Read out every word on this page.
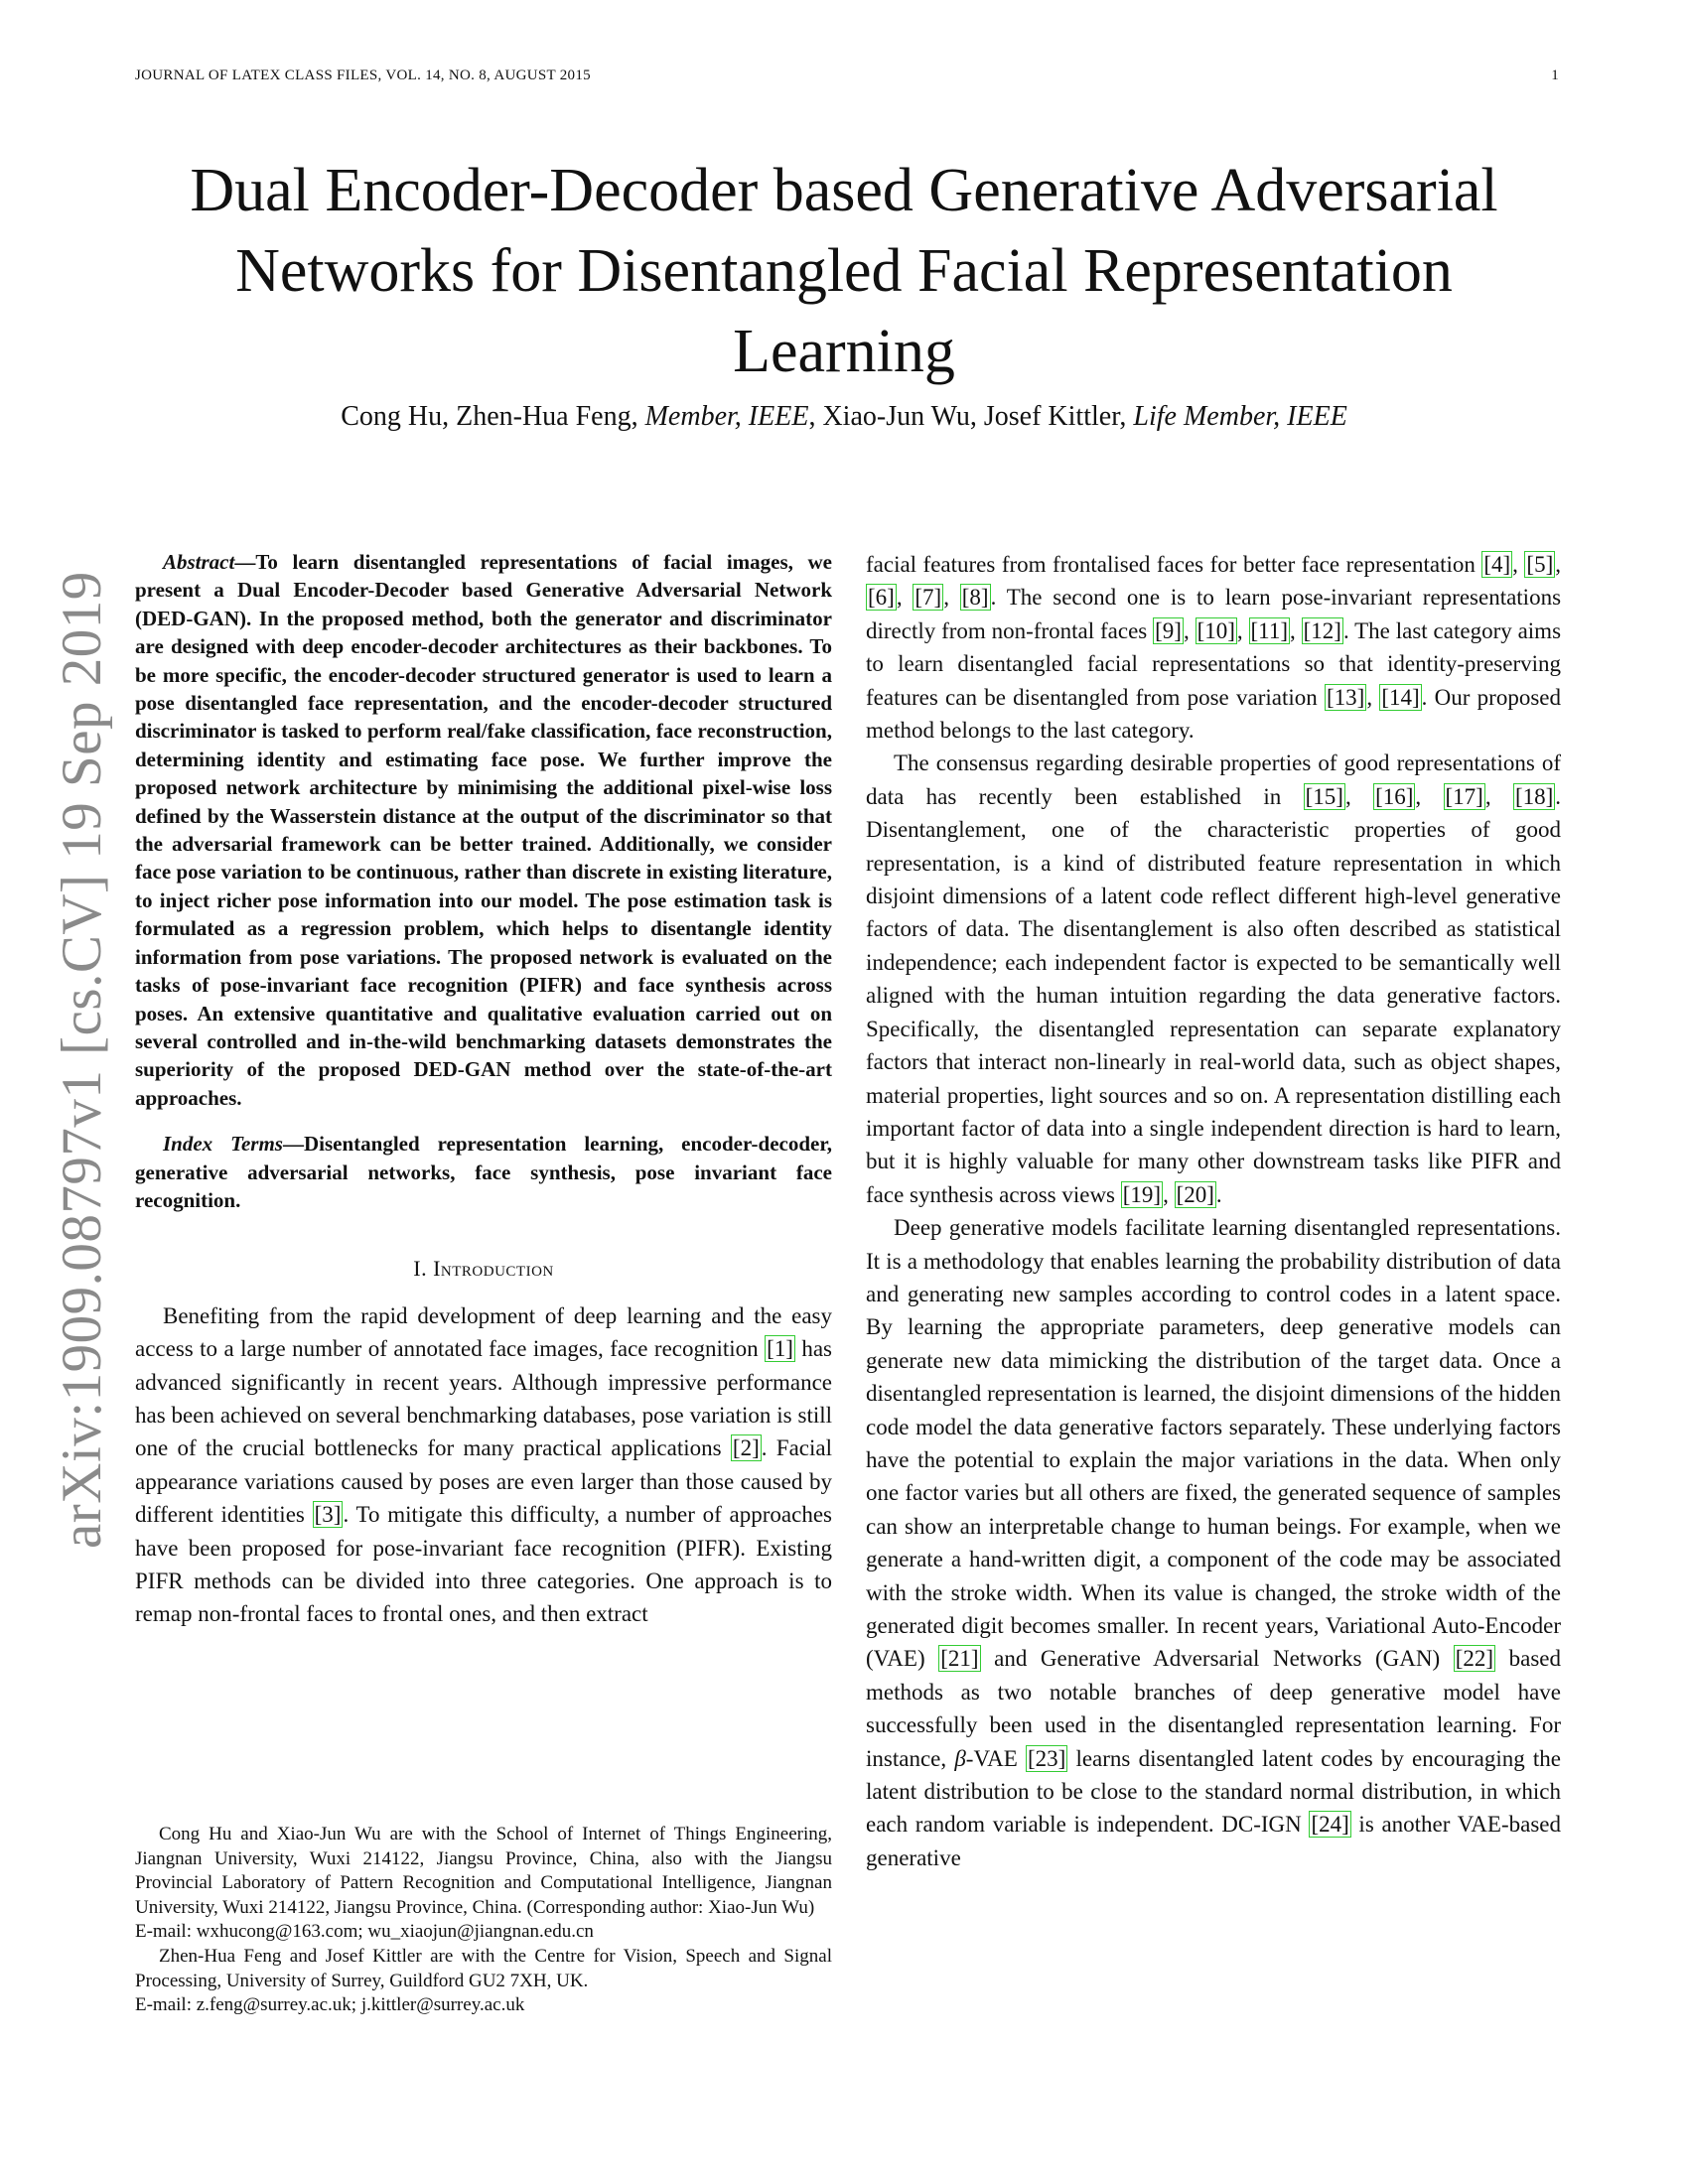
JOURNAL OF LATEX CLASS FILES, VOL. 14, NO. 8, AUGUST 2015	1
arXiv:1909.08797v1 [cs.CV] 19 Sep 2019
Dual Encoder-Decoder based Generative Adversarial Networks for Disentangled Facial Representation Learning
Cong Hu, Zhen-Hua Feng, Member, IEEE, Xiao-Jun Wu, Josef Kittler, Life Member, IEEE

Abstract—To learn disentangled representations of facial images, we present a Dual Encoder-Decoder based Generative Adversarial Network (DED-GAN). In the proposed method, both the generator and discriminator are designed with deep encoder-decoder architectures as their backbones. To be more specific, the encoder-decoder structured generator is used to learn a pose disentangled face representation, and the encoder-decoder structured discriminator is tasked to perform real/fake classification, face reconstruction, determining identity and estimating face pose. We further improve the proposed network architecture by minimising the additional pixel-wise loss defined by the Wasserstein distance at the output of the discriminator so that the adversarial framework can be better trained. Additionally, we consider face pose variation to be continuous, rather than discrete in existing literature, to inject richer pose information into our model. The pose estimation task is formulated as a regression problem, which helps to disentangle identity information from pose variations. The proposed network is evaluated on the tasks of pose-invariant face recognition (PIFR) and face synthesis across poses. An extensive quantitative and qualitative evaluation carried out on several controlled and in-the-wild benchmarking datasets demonstrates the superiority of the proposed DED-GAN method over the state-of-the-art approaches.

Index Terms—Disentangled representation learning, encoder-decoder, generative adversarial networks, face synthesis, pose invariant face recognition.

I. Introduction

Benefiting from the rapid development of deep learning and the easy access to a large number of annotated face images, face recognition [1] has advanced significantly in recent years. Although impressive performance has been achieved on several benchmarking databases, pose variation is still one of the crucial bottlenecks for many practical applications [2]. Facial appearance variations caused by poses are even larger than those caused by different identities [3]. To mitigate this difficulty, a number of approaches have been proposed for pose-invariant face recognition (PIFR). Existing PIFR methods can be divided into three categories. One approach is to remap non-frontal faces to frontal ones, and then extract

Cong Hu and Xiao-Jun Wu are with the School of Internet of Things Engineering, Jiangnan University, Wuxi 214122, Jiangsu Province, China, also with the Jiangsu Provincial Laboratory of Pattern Recognition and Computational Intelligence, Jiangnan University, Wuxi 214122, Jiangsu Province, China. (Corresponding author: Xiao-Jun Wu)

E-mail: wxhucong@163.com; wu_xiaojun@jiangnan.edu.cn

Zhen-Hua Feng and Josef Kittler are with the Centre for Vision, Speech and Signal Processing, University of Surrey, Guildford GU2 7XH, UK.

E-mail: z.feng@surrey.ac.uk; j.kittler@surrey.ac.uk

facial features from frontalised faces for better face representation [4], [5], [6], [7], [8]. The second one is to learn pose-invariant representations directly from non-frontal faces [9], [10], [11], [12]. The last category aims to learn disentangled facial representations so that identity-preserving features can be disentangled from pose variation [13], [14]. Our proposed method belongs to the last category.

The consensus regarding desirable properties of good representations of data has recently been established in [15], [16], [17], [18]. Disentanglement, one of the characteristic properties of good representation, is a kind of distributed feature representation in which disjoint dimensions of a latent code reflect different high-level generative factors of data. The disentanglement is also often described as statistical independence; each independent factor is expected to be semantically well aligned with the human intuition regarding the data generative factors. Specifically, the disentangled representation can separate explanatory factors that interact non-linearly in real-world data, such as object shapes, material properties, light sources and so on. A representation distilling each important factor of data into a single independent direction is hard to learn, but it is highly valuable for many other downstream tasks like PIFR and face synthesis across views [19], [20].

Deep generative models facilitate learning disentangled representations. It is a methodology that enables learning the probability distribution of data and generating new samples according to control codes in a latent space. By learning the appropriate parameters, deep generative models can generate new data mimicking the distribution of the target data. Once a disentangled representation is learned, the disjoint dimensions of the hidden code model the data generative factors separately. These underlying factors have the potential to explain the major variations in the data. When only one factor varies but all others are fixed, the generated sequence of samples can show an interpretable change to human beings. For example, when we generate a hand-written digit, a component of the code may be associated with the stroke width. When its value is changed, the stroke width of the generated digit becomes smaller. In recent years, Variational Auto-Encoder (VAE) [21] and Generative Adversarial Networks (GAN) [22] based methods as two notable branches of deep generative model have successfully been used in the disentangled representation learning. For instance, β-VAE [23] learns disentangled latent codes by encouraging the latent distribution to be close to the standard normal distribution, in which each random variable is independent. DC-IGN [24] is another VAE-based generative
